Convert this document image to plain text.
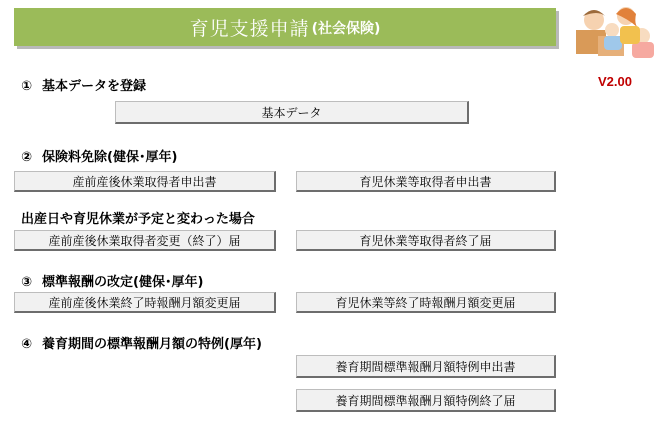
育児支援申請 (社会保険)
V2.00
① 基本データを登録
基本データ
② 保険料免除(健保･厚年)
産前産後休業取得者申出書	育児休業等取得者申出書
出産日や育児休業が予定と変わった場合
産前産後休業取得者変更（終了）届	育児休業等取得者終了届
③ 標準報酬の改定(健保･厚年)
産前産後休業終了時報酬月額変更届	育児休業等終了時報酬月額変更届
④ 養育期間の標準報酬月額の特例(厚年)
養育期間標準報酬月額特例申出書
養育期間標準報酬月額特例終了届
